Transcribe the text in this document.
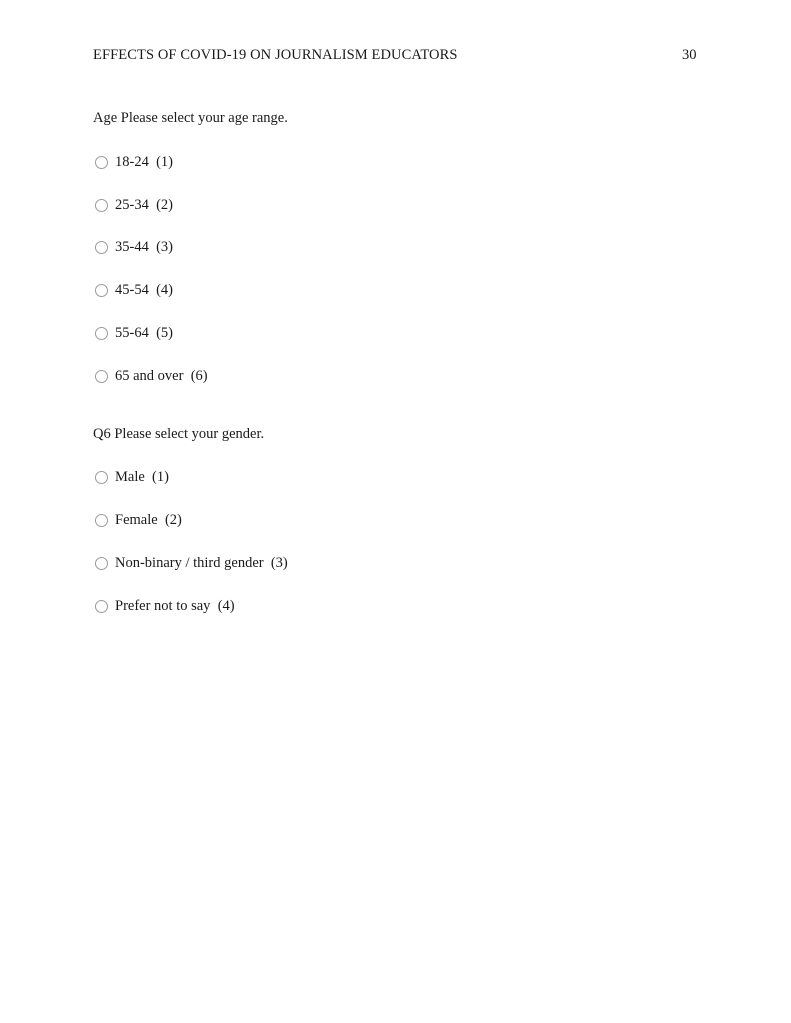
EFFECTS OF COVID-19 ON JOURNALISM EDUCATORS	30
Age Please select your age range.
18-24
(1)
25-34
(2)
35-44
(3)
45-54
(4)
55-64
(5)
65 and over
(6)
Q6 Please select your gender.
Male
(1)
Female
(2)
Non-binary / third gender
(3)
Prefer not to say
(4)
